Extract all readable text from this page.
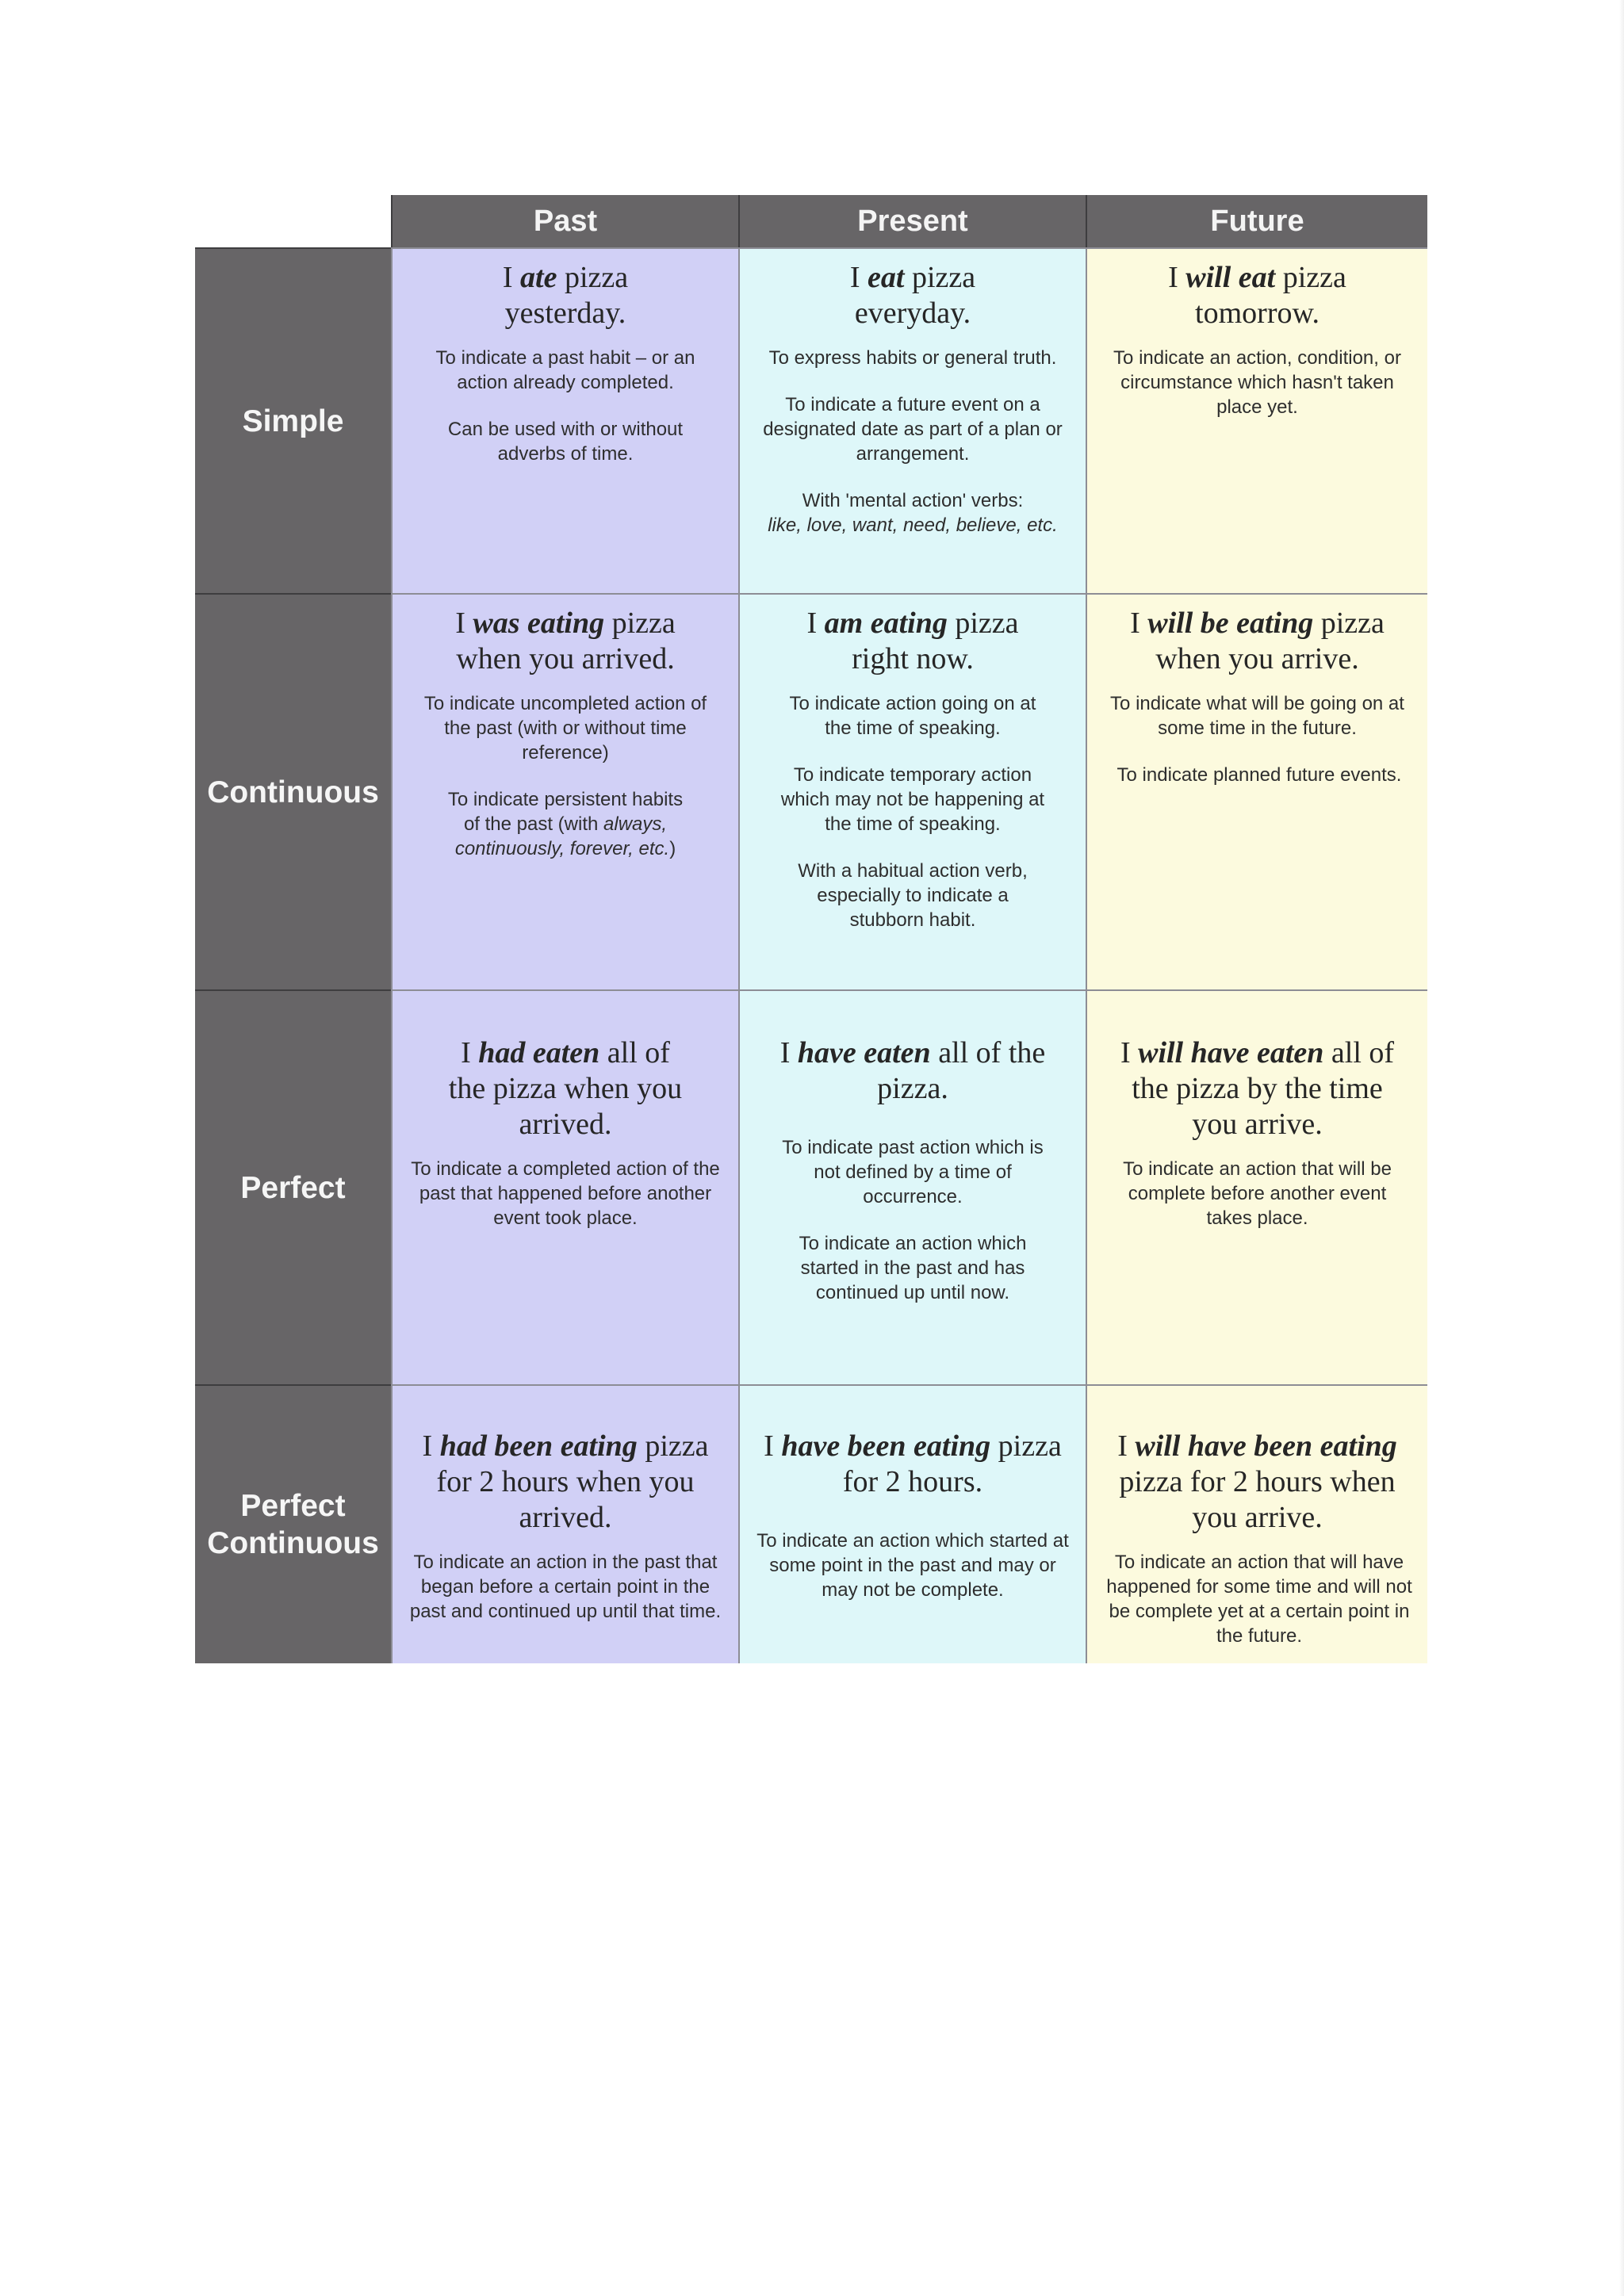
Past	Present	Future
Simple
I ate pizza yesterday.
To indicate a past habit – or an action already completed.
Can be used with or without adverbs of time.
I eat pizza everyday.
To express habits or general truth.
To indicate a future event on a designated date as part of a plan or arrangement.
With 'mental action' verbs:
like, love, want, need, believe, etc.
I will eat pizza tomorrow.
To indicate an action, condition, or circumstance which hasn't taken place yet.
Continuous
I was eating pizza when you arrived.
To indicate uncompleted action of the past (with or without time reference)
To indicate persistent habits of the past (with always, continuously, forever, etc.)
I am eating pizza right now.
To indicate action going on at the time of speaking.
To indicate temporary action which may not be happening at the time of speaking.
With a habitual action verb, especially to indicate a stubborn habit.
I will be eating pizza when you arrive.
To indicate what will be going on at some time in the future.
To indicate planned future events.
Perfect
I had eaten all of the pizza when you arrived.
To indicate a completed action of the past that happened before another event took place.
I have eaten all of the pizza.
To indicate past action which is not defined by a time of occurrence.
To indicate an action which started in the past and has continued up until now.
I will have eaten all of the pizza by the time you arrive.
To indicate an action that will be complete before another event takes place.
Perfect
Continuous
I had been eating pizza for 2 hours when you arrived.
To indicate an action in the past that began before a certain point in the past and continued up until that time.
I have been eating pizza for 2 hours.
To indicate an action which started at some point in the past and may or may not be complete.
I will have been eating pizza for 2 hours when you arrive.
To indicate an action that will have happened for some time and will not be complete yet at a certain point in the future.
